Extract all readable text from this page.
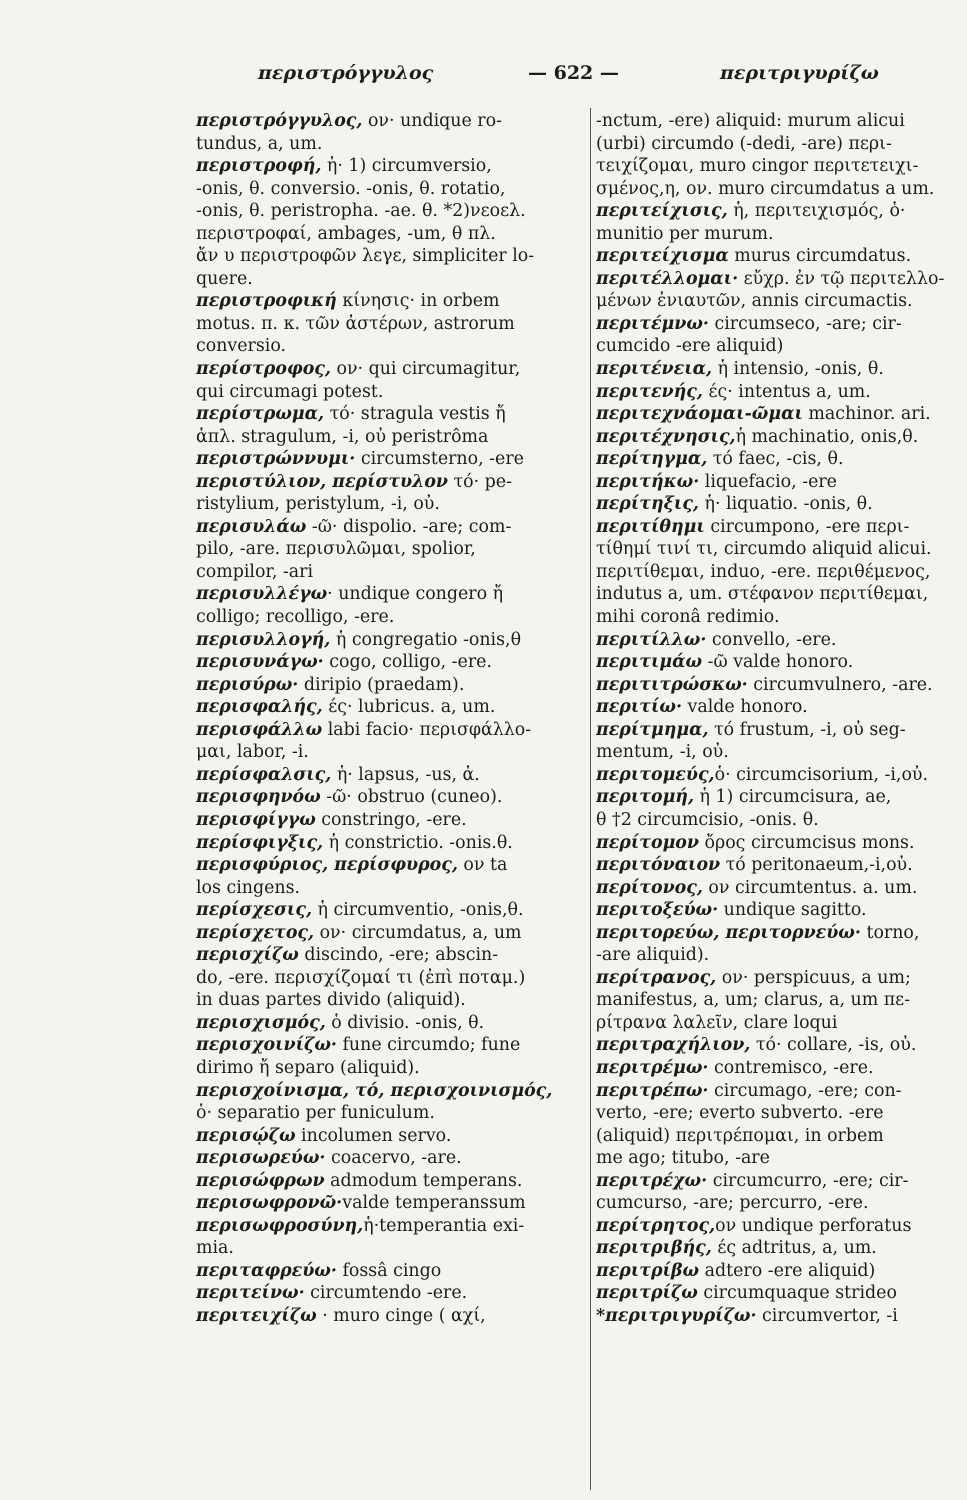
περιστρόγγυλος	— 622 —	περιτριγυρίζω
περιστρόγγυλος, ον· undique ro-
tundus, a, um.
περιστροφή, ἡ· 1) circumversio,
-onis, θ. conversio. -onis, θ. rotatio,
-onis, θ. peristropha. -ae. θ. *2)νεοελ.
περιστροφαί, ambages, -um, θ πλ.
ἄν υ περιστροφῶν λεγε, simpliciter lo-
quere.
περιστροφική κίνησις· in orbem
motus. π. κ. τῶν ἀστέρων, astrorum
conversio.
περίστροφος, ον· qui circumagitur,
qui circumagi potest.
περίστρωμα, τό· stragula vestis ἤ
ἁπλ. stragulum, -i, οὐ peristrôma
περιστρώννυμι· circumsterno, -ere
περιστύλιον, περίστυλον τό· pe-
ristylium, peristylum, -i, οὐ.
περισυλάω -ῶ· dispolio. -are; com-
pilo, -are. περισυλῶμαι, spolior,
compilor, -ari
περισυλλέγω· undique congero ἤ
colligo; recolligo, -ere.
περισυλλογή, ἡ congregatio -onis,θ
περισυνάγω· cogo, colligo, -ere.
περισύρω· diripio (praedam).
περισφαλής, ές· lubricus. a, um.
περισφάλλω labi facio· περισφάλλο-
μαι, labor, -i.
περίσφαλσις, ἡ· lapsus, -us, ἀ.
περισφηνόω -ῶ· obstruo (cuneo).
περισφίγγω constringo, -ere.
περίσφιγξις, ἡ constrictio. -onis.θ.
περισφύριος, περίσφυρος, ον ta
los cingens.
περίσχεσις, ἡ circumventio, -onis,θ.
περίσχετος, ον· circumdatus, a, um
περισχίζω discindo, -ere; abscin-
do, -ere. περισχίζομαί τι (ἐπὶ ποταμ.)
in duas partes divido (aliquid).
περισχισμός, ὁ divisio. -onis, θ.
περισχοινίζω· fune circumdo; fune
dirimo ἤ separo (aliquid).
περισχοίνισμα, τό, περισχοινισμός,
ὁ· separatio per funiculum.
περισῴζω incolumen servo.
περισωρεύω· coacervo, -are.
περισώφρων admodum temperans.
περισωφρονῶ·valde temperanssum
περισωφροσύνη,ἡ·temperantia exi-
mia.
περιταφρεύω· fossâ cingo
περιτείνω· circumtendo -ere.
περιτειχίζω · muro cinge ( αχί,
-nctum, -ere) aliquid: murum alicui
(urbi) circumdo (-dedi, -are) περι-
τειχίζομαι, muro cingor περιτετειχι-
σμένος,η, ον. muro circumdatus a um.
περιτείχισις, ἡ, περιτειχισμός, ὁ·
munitio per murum.
περιτείχισμα murus circumdatus.
περιτέλλομαι· εὔχρ. ἐν τῷ περιτελλο-
μένων ἐνιαυτῶν, annis circumactis.
περιτέμνω· circumseco, -are; cir-
cumcido -ere aliquid)
περιτένεια, ἡ intensio, -onis, θ.
περιτενής, ές· intentus a, um.
περιτεχνάομαι-ῶμαι machinor. ari.
περιτέχνησις,ἡ machinatio, onis,θ.
περίτηγμα, τό faec, -cis, θ.
περιτήκω· liquefacio, -ere
περίτηξις, ἡ· liquatio. -onis, θ.
περιτίθημι circumpono, -ere περι-
τίθημί τινί τι, circumdo aliquid alicui.
περιτίθεμαι, induo, -ere. περιθέμενος,
indutus a, um. στέφανον περιτίθεμαι,
mihi coronâ redimio.
περιτίλλω· convello, -ere.
περιτιμάω -ῶ valde honoro.
περιτιτρώσκω· circumvulnero, -are.
περιτίω· valde honoro.
περίτμημα, τό frustum, -i, οὐ seg-
mentum, -i, οὐ.
περιτομεύς,ὁ· circumcisorium, -i,οὐ.
περιτομή, ἡ 1) circumcisura, ae,
θ †2 circumcisio, -onis. θ.
περίτομον ὄρος circumcisus mons.
περιτόναιον τό peritonaeum,-i,οὐ.
περίτονος, ον circumtentus. a. um.
περιτοξεύω· undique sagitto.
περιτορεύω, περιτορνεύω· torno,
-are aliquid).
περίτρανος, ον· perspicuus, a um;
manifestus, a, um; clarus, a, um πε-
ρίτρανα λαλεῖν, clare loqui
περιτραχήλιον, τό· collare, -is, οὐ.
περιτρέμω· contremisco, -ere.
περιτρέπω· circumago, -ere; con-
verto, -ere; everto subverto. -ere
(aliquid) περιτρέπομαι, in orbem
me ago; titubo, -are
περιτρέχω· circumcurro, -ere; cir-
cumcurso, -are; percurro, -ere.
περίτρητος,ον undique perforatus
περιτριβής, ές adtritus, a, um.
περιτρίβω adtero -ere aliquid)
περιτρίζω circumquaque strideo
*περιτριγυρίζω· circumvertor, -i
